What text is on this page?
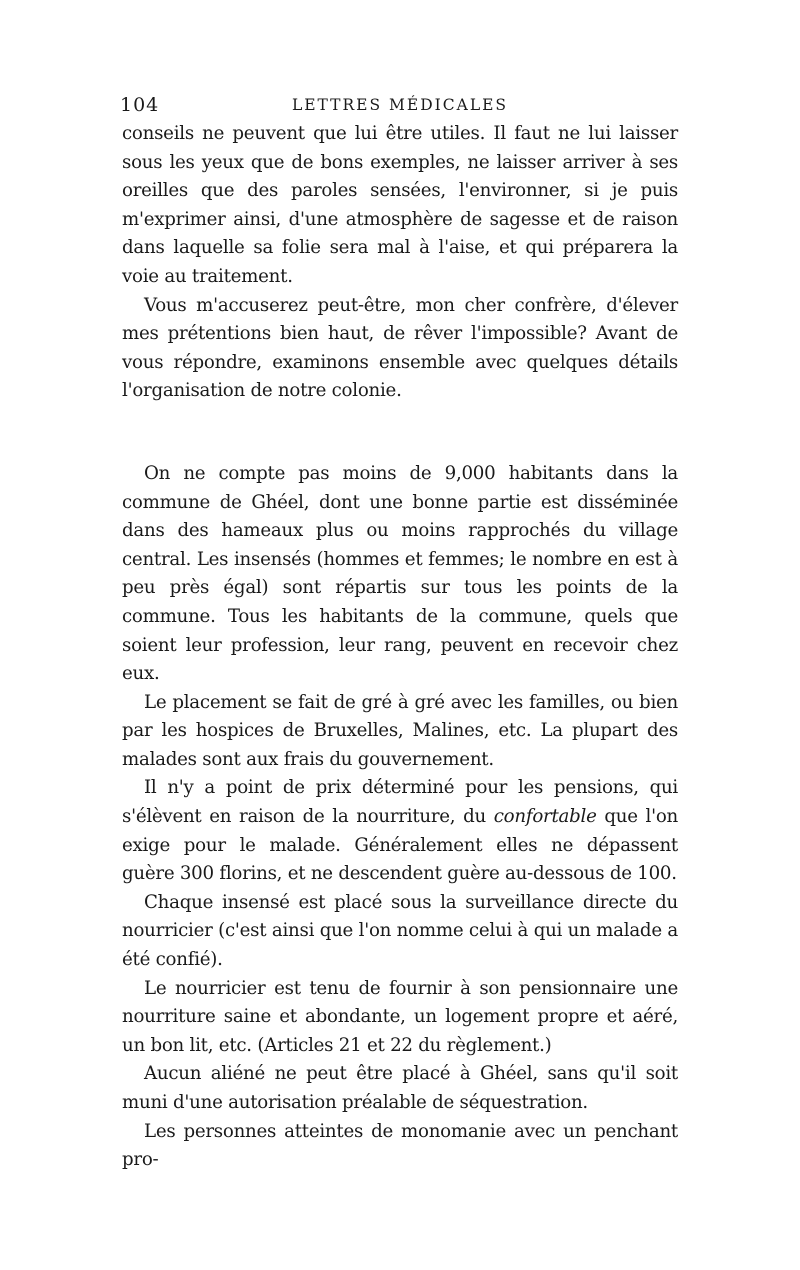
104	LETTRES MÉDICALES

conseils ne peuvent que lui être utiles. Il faut ne lui laisser sous les yeux que de bons exemples, ne laisser arriver à ses oreilles que des paroles sensées, l'environner, si je puis m'exprimer ainsi, d'une atmosphère de sagesse et de raison dans laquelle sa folie sera mal à l'aise, et qui préparera la voie au traitement.

Vous m'accuserez peut-être, mon cher confrère, d'élever mes prétentions bien haut, de rêver l'impossible? Avant de vous répondre, examinons ensemble avec quelques détails l'organisation de notre colonie.

On ne compte pas moins de 9,000 habitants dans la commune de Ghéel, dont une bonne partie est disséminée dans des hameaux plus ou moins rapprochés du village central. Les insensés (hommes et femmes; le nombre en est à peu près égal) sont répartis sur tous les points de la commune. Tous les habitants de la commune, quels que soient leur profession, leur rang, peuvent en recevoir chez eux.

Le placement se fait de gré à gré avec les familles, ou bien par les hospices de Bruxelles, Malines, etc. La plupart des malades sont aux frais du gouvernement.

Il n'y a point de prix déterminé pour les pensions, qui s'élèvent en raison de la nourriture, du confortable que l'on exige pour le malade. Généralement elles ne dépassent guère 300 florins, et ne descendent guère au-dessous de 100.

Chaque insensé est placé sous la surveillance directe du nourricier (c'est ainsi que l'on nomme celui à qui un malade a été confié).

Le nourricier est tenu de fournir à son pensionnaire une nourriture saine et abondante, un logement propre et aéré, un bon lit, etc. (Articles 21 et 22 du règlement.)

Aucun aliéné ne peut être placé à Ghéel, sans qu'il soit muni d'une autorisation préalable de séquestration.

Les personnes atteintes de monomanie avec un penchant pro-
